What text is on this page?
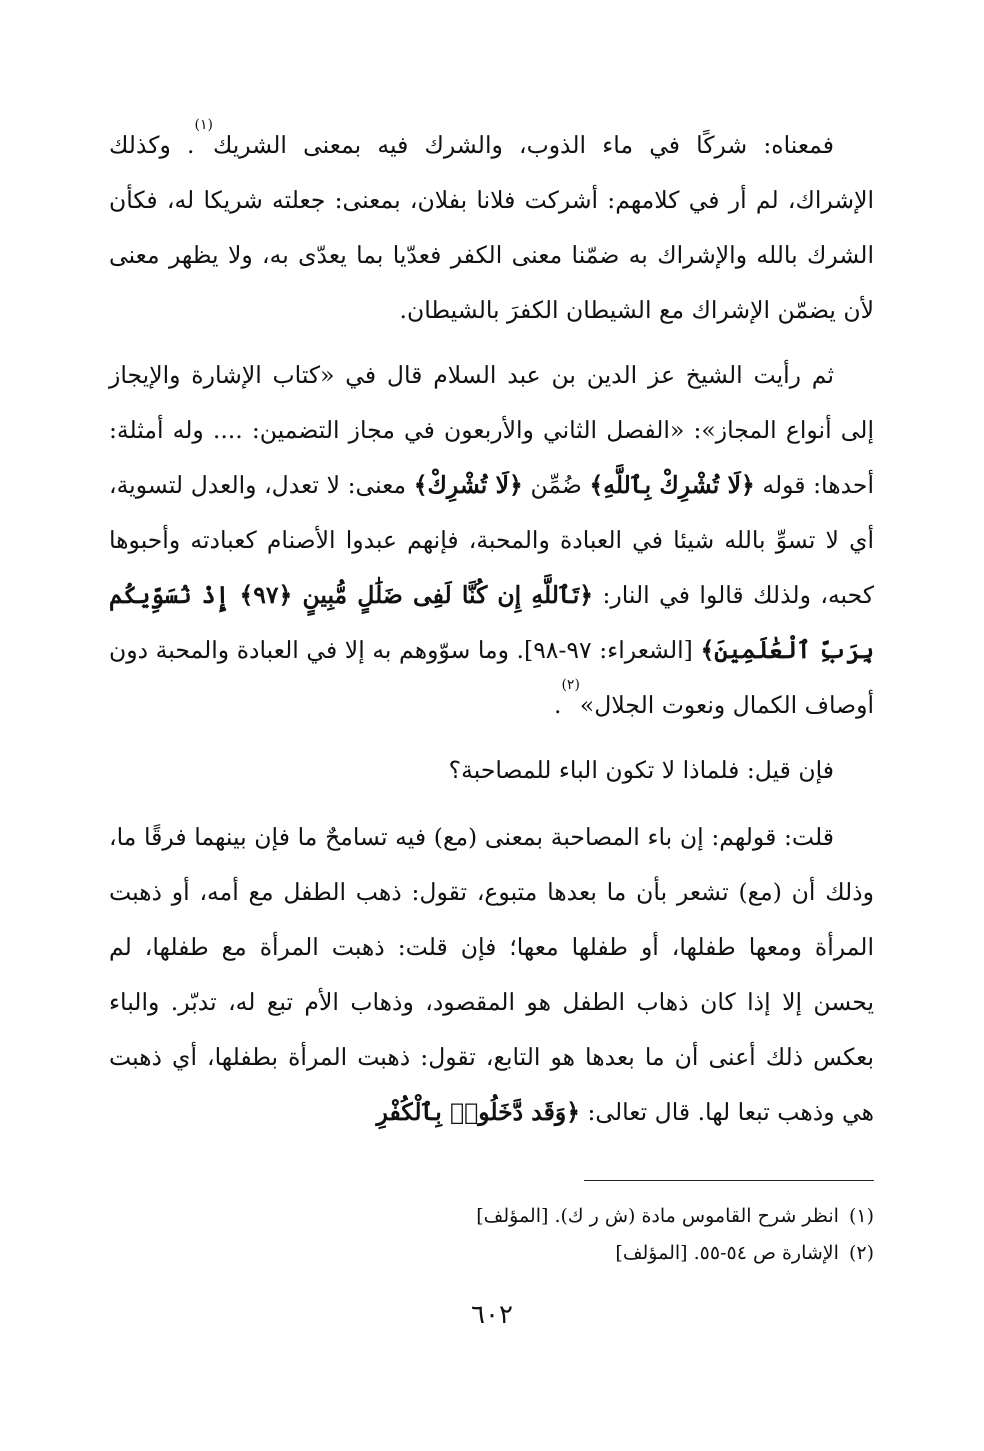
فمعناه: شركًا في ماء الذوب، والشرك فيه بمعنى الشريك$^{(١)}$. وكذلك الإشراك، لم أر في كلامهم: أشركت فلانا بفلان، بمعنى: جعلته شريكا له، فكأن الشرك بالله والإشراك به ضمّنا معنى الكفر فعدّيا بما يعدّى به، ولا يظهر معنى لأن يضمّن الإشراك مع الشيطان الكفرَ بالشيطان.

ثم رأيت الشيخ عز الدين بن عبد السلام قال في «كتاب الإشارة والإيجاز إلى أنواع المجاز»: «الفصل الثاني والأربعون في مجاز التضمين: .... وله أمثلة: أحدها: قوله ﴿لَا تُشْرِكْ بِٱللَّهِ﴾ ضُمِّن ﴿لَا تُشْرِكْ﴾ معنى: لا تعدل، والعدل لتسوية، أي لا تسوِّ بالله شيئا في العبادة والمحبة، فإنهم عبدوا الأصنام كعبادته وأحبوها كحبه، ولذلك قالوا في النار: ﴿تَٱللَّهِ إِن كُنَّا لَفِى ضَلَٰلٍ مُّبِينٍ ﴿٩٧﴾ إِذْ نُسَوِّيكُم بِرَبِّ ٱلْعَٰلَمِينَ﴾ [الشعراء: ٩٧-٩٨]. وما سوّوهم به إلا في العبادة والمحبة دون أوصاف الكمال ونعوت الجلال»$^{(٢)}$.

فإن قيل: فلماذا لا تكون الباء للمصاحبة؟

قلت: قولهم: إن باء المصاحبة بمعنى (مع) فيه تسامحٌ ما فإن بينهما فرقًا ما، وذلك أن (مع) تشعر بأن ما بعدها متبوع، تقول: ذهب الطفل مع أمه، أو ذهبت المرأة ومعها طفلها، أو طفلها معها؛ فإن قلت: ذهبت المرأة مع طفلها، لم يحسن إلا إذا كان ذهاب الطفل هو المقصود، وذهاب الأم تبع له، تدبّر. والباء بعكس ذلك أعنى أن ما بعدها هو التابع، تقول: ذهبت المرأة بطفلها، أي ذهبت هي وذهب تبعا لها. قال تعالى: ﴿وَقَد دَّخَلُوا۟ بِٱلْكُفْرِ

(١)انظر شرح القاموس مادة (ش ر ك). [المؤلف]
(٢)الإشارة ص ٥٤-٥٥. [المؤلف]
٦٠٢
